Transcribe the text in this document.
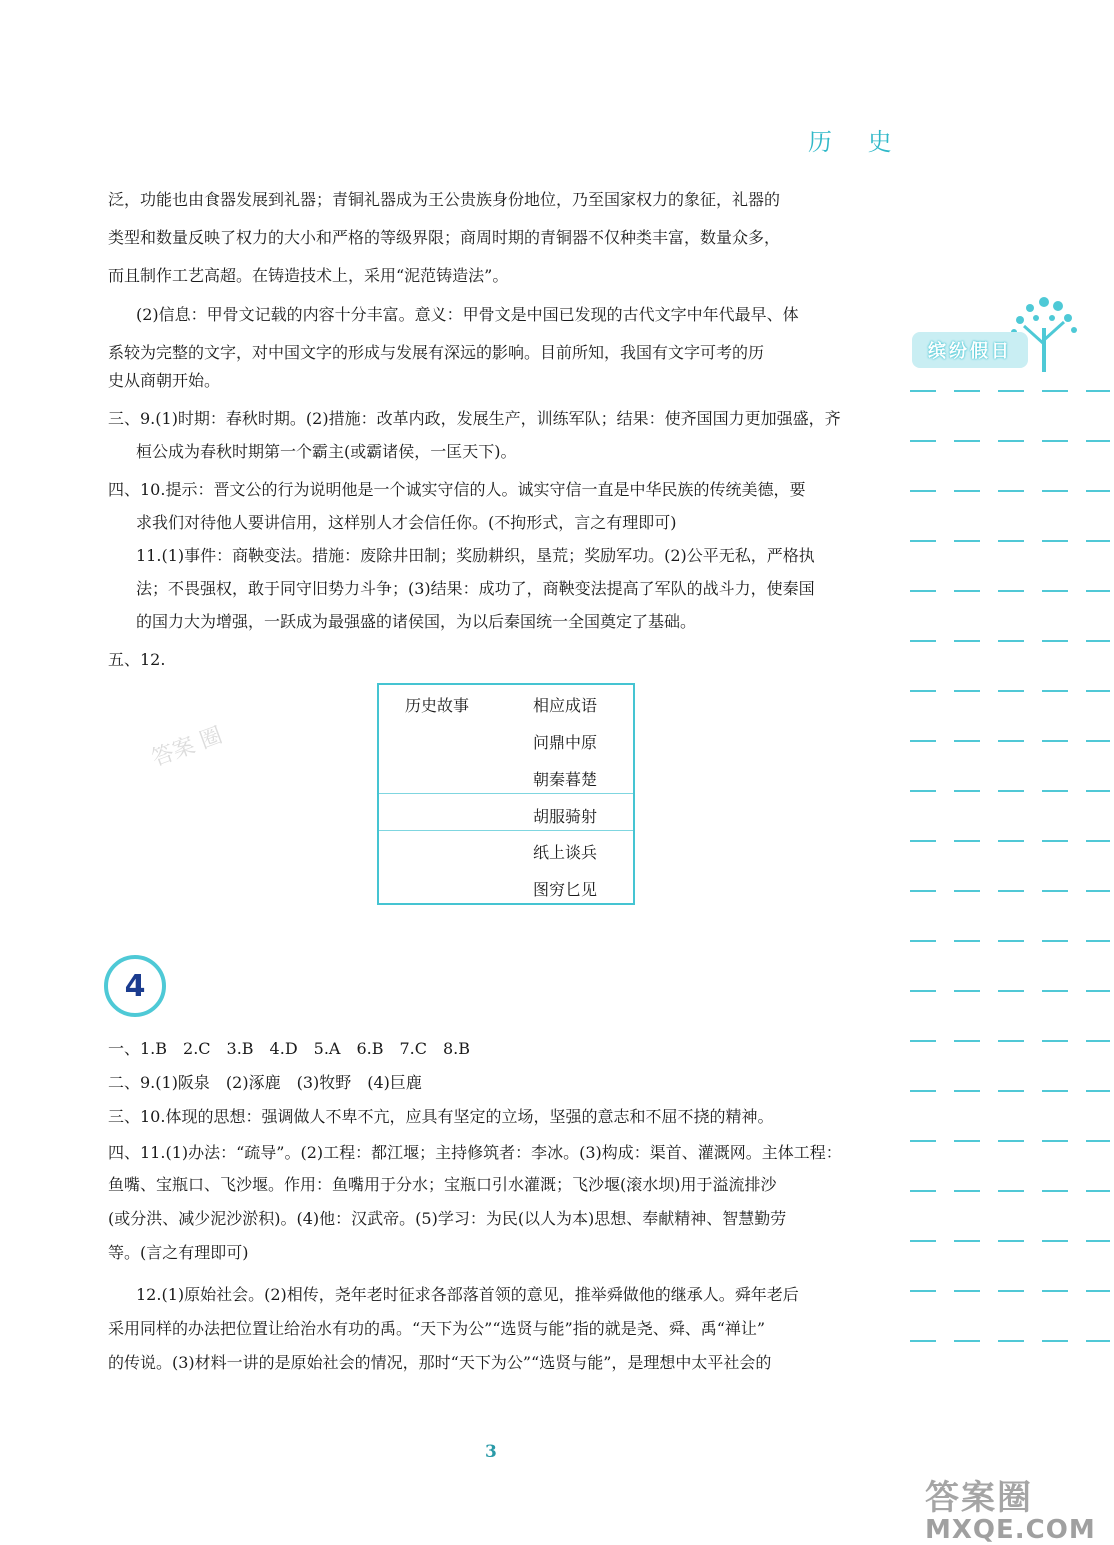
历 史
缤纷假日
泛，功能也由食器发展到礼器；青铜礼器成为王公贵族身份地位，乃至国家权力的象征，礼器的
类型和数量反映了权力的大小和严格的等级界限；商周时期的青铜器不仅种类丰富，数量众多，
而且制作工艺高超。在铸造技术上，采用“泥范铸造法”。
(2)信息：甲骨文记载的内容十分丰富。意义：甲骨文是中国已发现的古代文字中年代最早、体
系较为完整的文字，对中国文字的形成与发展有深远的影响。目前所知，我国有文字可考的历
史从商朝开始。
三、9.(1)时期：春秋时期。(2)措施：改革内政，发展生产，训练军队；结果：使齐国国力更加强盛，齐
桓公成为春秋时期第一个霸主(或霸诸侯，一匡天下)。
四、10.提示：晋文公的行为说明他是一个诚实守信的人。诚实守信一直是中华民族的传统美德，要
求我们对待他人要讲信用，这样别人才会信任你。(不拘形式，言之有理即可)
11.(1)事件：商鞅变法。措施：废除井田制；奖励耕织，垦荒；奖励军功。(2)公平无私，严格执
法；不畏强权，敢于同守旧势力斗争；(3)结果：成功了，商鞅变法提高了军队的战斗力，使秦国
的国力大为增强，一跃成为最强盛的诸侯国，为以后秦国统一全国奠定了基础。
五、12.
答案 圈
历史故事	相应成语
问鼎中原
朝秦暮楚
胡服骑射
纸上谈兵
图穷匕见
4
一、1.B　2.C　3.B　4.D　5.A　6.B　7.C　8.B
二、9.(1)阪泉　(2)涿鹿　(3)牧野　(4)巨鹿
三、10.体现的思想：强调做人不卑不亢，应具有坚定的立场，坚强的意志和不屈不挠的精神。
四、11.(1)办法：“疏导”。(2)工程：都江堰；主持修筑者：李冰。(3)构成：渠首、灌溉网。主体工程：
鱼嘴、宝瓶口、飞沙堰。作用：鱼嘴用于分水；宝瓶口引水灌溉；飞沙堰(滚水坝)用于溢流排沙
(或分洪、减少泥沙淤积)。(4)他：汉武帝。(5)学习：为民(以人为本)思想、奉献精神、智慧勤劳
等。(言之有理即可)
12.(1)原始社会。(2)相传，尧年老时征求各部落首领的意见，推举舜做他的继承人。舜年老后
采用同样的办法把位置让给治水有功的禹。“天下为公”“选贤与能”指的就是尧、舜、禹“禅让”
的传说。(3)材料一讲的是原始社会的情况，那时“天下为公”“选贤与能”，是理想中太平社会的
3
答案圈
MXQE.COM
